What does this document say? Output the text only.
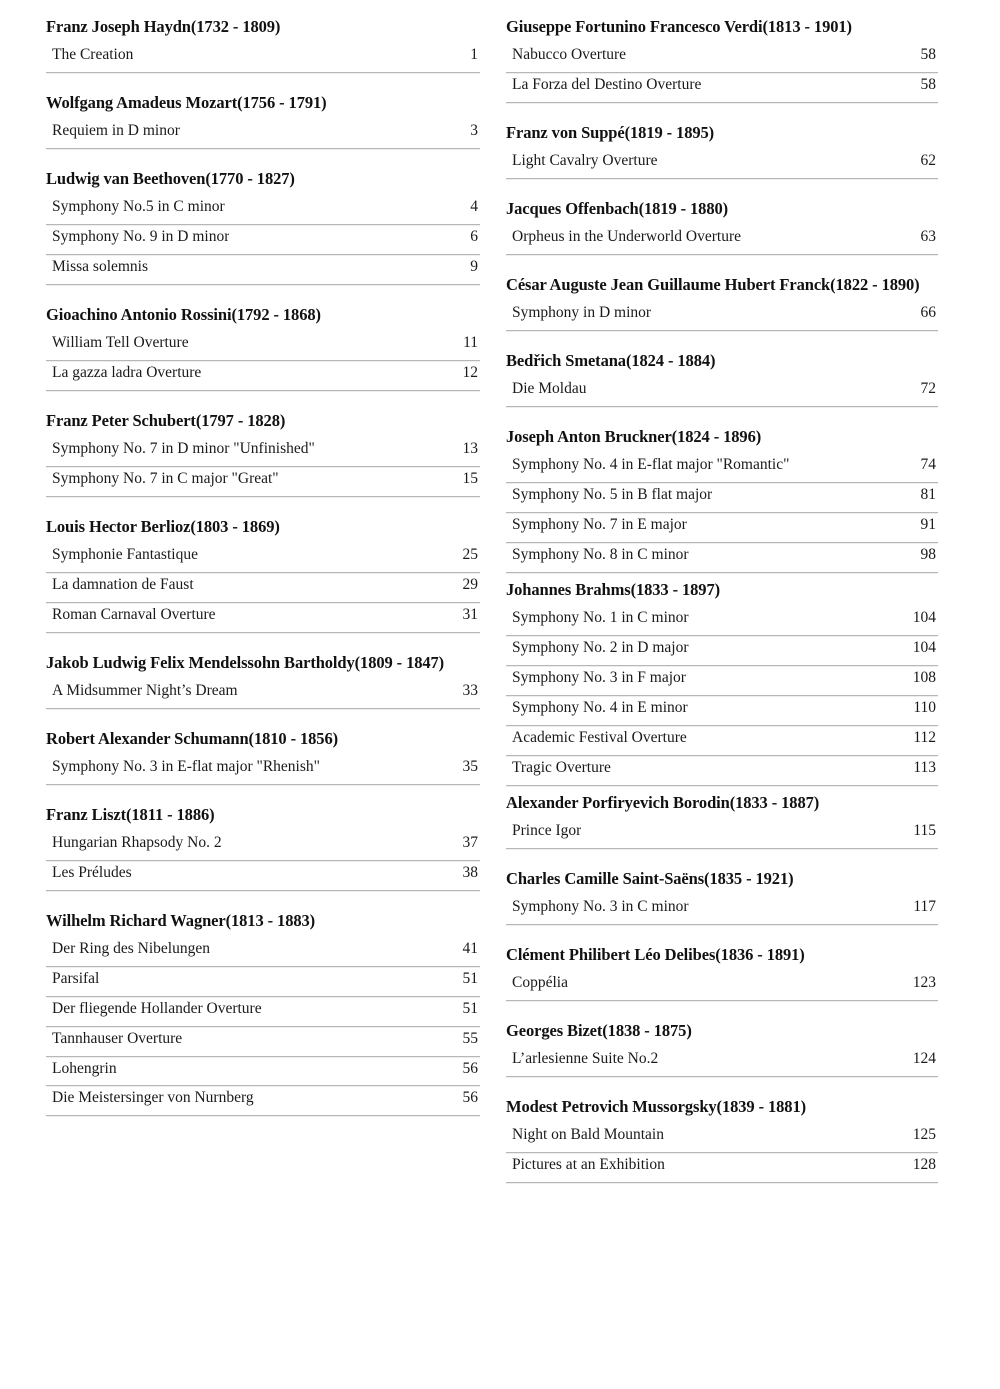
Franz Joseph Haydn(1732 - 1809)
The Creation	1
Wolfgang Amadeus Mozart(1756 - 1791)
Requiem in D minor	3
Ludwig van Beethoven(1770 - 1827)
Symphony No.5 in C minor	4
Symphony No. 9 in D minor	6
Missa solemnis	9
Gioachino Antonio Rossini(1792 - 1868)
William Tell Overture	11
La gazza ladra Overture	12
Franz Peter Schubert(1797 - 1828)
Symphony No. 7 in D minor "Unfinished"	13
Symphony No. 7 in C major "Great"	15
Louis Hector Berlioz(1803 - 1869)
Symphonie Fantastique	25
La damnation de Faust	29
Roman Carnaval Overture	31
Jakob Ludwig Felix Mendelssohn Bartholdy(1809 - 1847)
A Midsummer Night’s Dream	33
Robert Alexander Schumann(1810 - 1856)
Symphony No. 3 in E-flat major "Rhenish"	35
Franz Liszt(1811 - 1886)
Hungarian Rhapsody No. 2	37
Les Préludes	38
Wilhelm Richard Wagner(1813 - 1883)
Der Ring des Nibelungen	41
Parsifal	51
Der fliegende Hollander Overture	51
Tannhauser Overture	55
Lohengrin	56
Die Meistersinger von Nurnberg	56
Giuseppe Fortunino Francesco Verdi(1813 - 1901)
Nabucco Overture	58
La Forza del Destino Overture	58
Franz von Suppé(1819 - 1895)
Light Cavalry Overture	62
Jacques Offenbach(1819 - 1880)
Orpheus in the Underworld Overture	63
César Auguste Jean Guillaume Hubert Franck(1822 - 1890)
Symphony in D minor	66
Bedřich Smetana(1824 - 1884)
Die Moldau	72
Joseph Anton Bruckner(1824 - 1896)
Symphony No. 4 in E-flat major "Romantic"	74
Symphony No. 5 in B flat major	81
Symphony No. 7 in E major	91
Symphony No. 8 in C minor	98
Johannes Brahms(1833 - 1897)
Symphony No. 1 in C minor	104
Symphony No. 2 in D major	104
Symphony No. 3 in F major	108
Symphony No. 4 in E minor	110
Academic Festival Overture	112
Tragic Overture	113
Alexander Porfiryevich Borodin(1833 - 1887)
Prince Igor	115
Charles Camille Saint-Saëns(1835 - 1921)
Symphony No. 3 in C minor	117
Clément Philibert Léo Delibes(1836 - 1891)
Coppélia	123
Georges Bizet(1838 - 1875)
L’arlesienne Suite No.2	124
Modest Petrovich Mussorgsky(1839 - 1881)
Night on Bald Mountain	125
Pictures at an Exhibition	128
